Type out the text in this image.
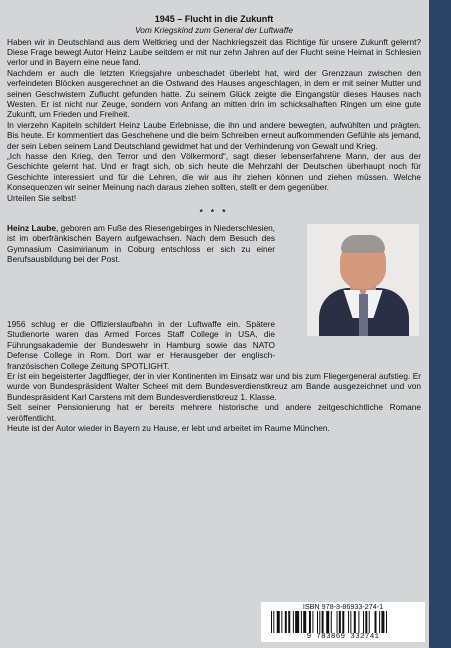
1945 – Flucht in die Zukunft
Vom Kriegskind zum General der Luftwaffe

Haben wir in Deutschland aus dem Weltkrieg und der Nachkriegszeit das Richtige für unsere Zukunft gelernt? Diese Frage bewegt Autor Heinz Laube seitdem er mit nur zehn Jahren auf der Flucht seine Heimat in Schlesien verlor und in Bayern eine neue fand.

Nachdem er auch die letzten Kriegsjahre unbeschadet überlebt hat, wird der Grenzzaun zwischen den verfeindeten Blöcken ausgerechnet an die Ostwand des Hauses angeschlagen, in dem er mit seiner Mutter und seinen Geschwistern Zuflucht gefunden hatte. Zu seinem Glück zeigte die Eingangstür dieses Hauses nach Westen. Er ist nicht nur Zeuge, sondern von Anfang an mitten drin im schicksalhaften Ringen um eine gute Zukunft, um Frieden und Freiheit.

In vierzehn Kapiteln schildert Heinz Laube Erlebnisse, die ihn und andere bewegten, aufwühlten und prägten. Bis heute. Er kommentiert das Geschehene und die beim Schreiben erneut aufkommenden Gefühle als jemand, der sein Leben seinem Land Deutschland gewidmet hat und der Verhinderung von Gewalt und Krieg.

„Ich hasse den Krieg, den Terror und den Völkermord“, sagt dieser lebenserfahrene Mann, der aus der Geschichte gelernt hat. Und er fragt sich, ob sich heute die Mehrzahl der Deutschen überhaupt noch für Geschichte interessiert und für die Lehren, die wir aus ihr ziehen können und ziehen müssen. Welche Konsequenzen wir seiner Meinung nach daraus ziehen sollten, stellt er dem gegenüber.

Urteilen Sie selbst!

* * *

Heinz Laube, geboren am Fuße des Riesengebirges in Niederschlesien, ist im oberfränkischen Bayern aufgewachsen. Nach dem Besuch des Gymnasium Casimirianum in Coburg entschloss er sich zu einer Berufsausbildung bei der Post.

1956 schlug er die Offizierslaufbahn in der Luftwaffe ein. Spätere Studienorte waren das Armed Forces Staff College in USA, die Führungsakademie der Bundeswehr in Hamburg sowie das NATO Defense College in Rom. Dort war er Herausgeber der englisch-französischen College Zeitung SPOTLIGHT.

Er ist ein begeisterter Jagdflieger, der in vier Kontinenten im Einsatz war und bis zum Fliegergeneral aufstieg. Er wurde von Bundespräsident Walter Scheel mit dem Bundesverdienstkreuz am Bande ausgezeichnet und von Bundespräsident Karl Carstens mit dem Bundesverdienstkreuz 1. Klasse.

Seit seiner Pensionierung hat er bereits mehrere historische und andere zeitgeschichtliche Romane veröffentlicht.

Heute ist der Autor wieder in Bayern zu Hause, er lebt und arbeitet im Raume München.

ISBN 978-3-86933-274-1
9 783869 332741
